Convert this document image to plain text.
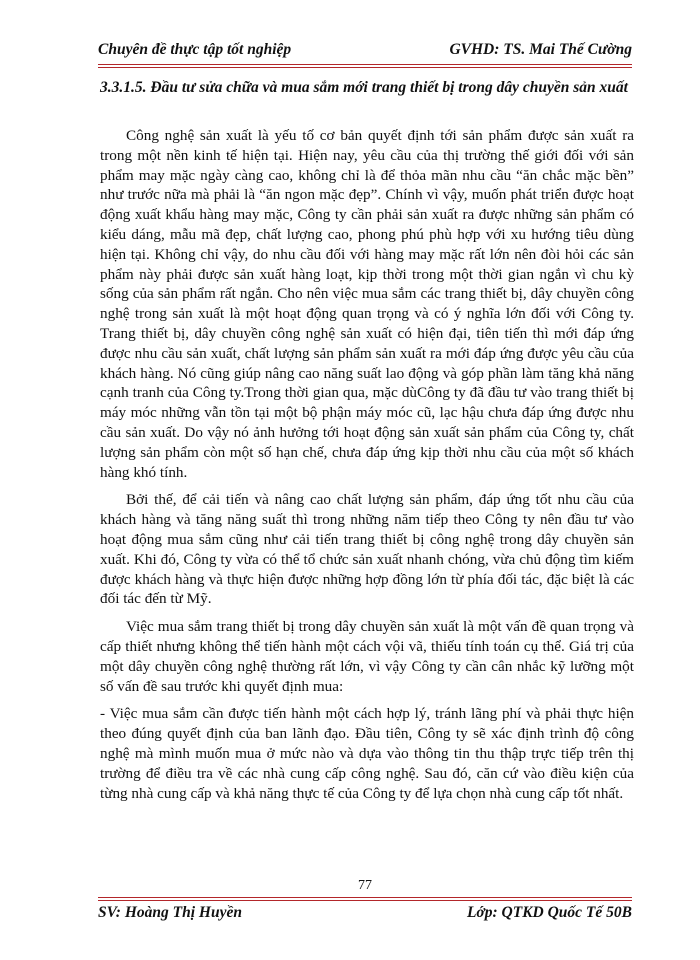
Chuyên đề thực tập tốt nghiệp	GVHD: TS. Mai Thế Cường
3.3.1.5. Đầu tư sửa chữa và mua sắm mới trang thiết bị trong dây chuyền sản xuất

Công nghệ sản xuất là yếu tố cơ bản quyết định tới sản phẩm được sản xuất ra trong một nền kinh tế hiện tại. Hiện nay, yêu cầu của thị trường thế giới đối với sản phẩm may mặc ngày càng cao, không chỉ là để thỏa mãn nhu cầu “ăn chắc mặc bền” như trước nữa mà phải là “ăn ngon mặc đẹp”. Chính vì vậy, muốn phát triển được hoạt động xuất khẩu hàng may mặc, Công ty cần phải sản xuất ra được những sản phẩm có kiểu dáng, mẫu mã đẹp, chất lượng cao, phong phú phù hợp với xu hướng tiêu dùng hiện tại. Không chỉ vậy, do nhu cầu đối với hàng may mặc rất lớn nên đòi hỏi các sản phẩm này phải được sản xuất hàng loạt, kịp thời trong một thời gian ngắn vì chu kỳ sống của sản phẩm rất ngắn. Cho nên việc mua sắm các trang thiết bị, dây chuyền công nghệ trong sản xuất là một hoạt động quan trọng và có ý nghĩa lớn đối với Công ty. Trang thiết bị, dây chuyền công nghệ sản xuất có hiện đại, tiên tiến thì mới đáp ứng được nhu cầu sản xuất, chất lượng sản phẩm sản xuất ra mới đáp ứng được yêu cầu của khách hàng. Nó cũng giúp nâng cao năng suất lao động và góp phần làm tăng khả năng cạnh tranh của Công ty.Trong thời gian qua, mặc dùCông ty đã đầu tư vào trang thiết bị máy móc những vẫn tồn tại một bộ phận máy móc cũ, lạc hậu chưa đáp ứng được nhu cầu sản xuất. Do vậy nó ảnh hưởng tới hoạt động sản xuất sản phẩm của Công ty, chất lượng sản phẩm còn một số hạn chế, chưa đáp ứng kịp thời nhu cầu của một số khách hàng khó tính.

Bởi thế, để cải tiến và nâng cao chất lượng sản phẩm, đáp ứng tốt nhu cầu của khách hàng và tăng năng suất thì trong những năm tiếp theo Công ty nên đầu tư vào hoạt động mua sắm cũng như cải tiến trang thiết bị công nghệ trong dây chuyền sản xuất. Khi đó, Công ty vừa có thể tổ chức sản xuất nhanh chóng, vừa chủ động tìm kiếm được khách hàng và thực hiện được những hợp đồng lớn từ phía đối tác, đặc biệt là các đối tác đến từ Mỹ.

Việc mua sắm trang thiết bị trong dây chuyền sản xuất là một vấn đề quan trọng và cấp thiết nhưng không thể tiến hành một cách vội vã, thiếu tính toán cụ thể. Giá trị của một dây chuyền công nghệ thường rất lớn, vì vậy Công ty cần cân nhắc kỹ lưỡng một số vấn đề sau trước khi quyết định mua:

- Việc mua sắm cần được tiến hành một cách hợp lý, tránh lãng phí và phải thực hiện theo đúng quyết định của ban lãnh đạo. Đầu tiên, Công ty sẽ xác định trình độ công nghệ mà mình muốn mua ở mức nào và dựa vào thông tin thu thập trực tiếp trên thị trường để điều tra về các nhà cung cấp công nghệ. Sau đó, căn cứ vào điều kiện của từng nhà cung cấp và khả năng thực tế của Công ty để lựa chọn nhà cung cấp tốt nhất.

77
SV: Hoàng Thị Huyền	Lớp: QTKD Quốc Tế 50B
